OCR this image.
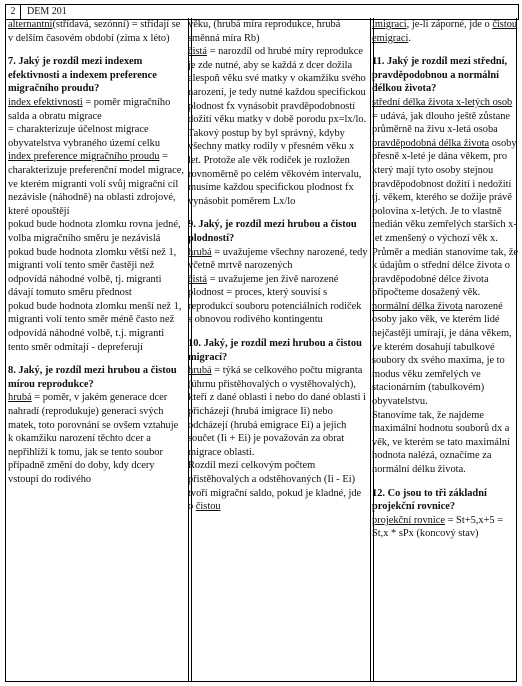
2 DEM 201

alternantní(střídavá, sezónní) = střídají se v delším časovém období (zima x léto)

7. Jaký je rozdíl mezi indexem efektivnosti a indexem preference migračního proudu?

index efektivnosti = poměr migračního salda a obratu migrace

= charakterizuje účelnost migrace obyvatelstva vybraného území celku

index preference migračního proudu = charakterizuje preferenční model migrace, ve kterém migranti volí svůj migrační cíl nezávisle (náhodně) na oblasti zdrojové, které opouštějí

pokud bude hodnota zlomku rovna jedné, volba migračního směru je nezávislá

pokud bude hodnota zlomku větší než 1, migranti volí tento směr častěji než odpovídá náhodné volbě, tj. migranti dávají tomuto směru přednost

pokud bude hodnota zlomku menší než 1, migranti volí tento směr méně často než odpovídá náhodné volbě, t.j. migranti tento směr odmítají - depreferují

8. Jaký, je rozdíl mezi hrubou a čistou mírou reprodukce?

hrubá = poměr, v jakém generace dcer nahradí (reprodukuje) generaci svých matek, toto porovnání se ovšem vztahuje k okamžiku narození těchto dcer a nepřihlíží k tomu, jak se tento soubor případně změní do doby, kdy dcery vstoupí do rodivého

věku, (hrubá míra reprodukce, hrubá směnná míra Rb)

čistá = narozdíl od hrubé míry reprodukce je zde nutné, aby se každá z dcer dožila alespoň věku své matky v okamžiku svého narození, je tedy nutné každou specifickou plodnost fx vynásobit pravděpodobností dožití věku matky v době porodu px=lx/lo. Takový postup by byl správný, kdyby všechny matky rodily v přesném věku x let. Protože ale věk rodiček je rozložen rovnoměrně po celém věkovém intervalu, musíme každou specifickou plodnost fx vynásobit poměrem Lx/lo

9. Jaký, je rozdíl mezi hrubou a čistou plodností?

hrubá = uvažujeme všechny narozené, tedy včetně mrtvě narozených

čistá = uvažujeme jen živě narozené

plodnost = proces, který souvisí s reprodukcí souboru potenciálních rodiček s obnovou rodivého kontingentu

10. Jaký, je rozdíl mezi hrubou a čistou migrací?

hrubá = týká se celkového počtu migranta (úhrnu přistěhovalých o vystěhovalých), kteří z dané oblasti i nebo do dané oblasti i přicházejí (hrubá imigrace Ii) nebo odcházejí (hrubá emigrace Ei) a jejich součet (Ii + Ei) je považován za obrat migrace oblasti.

Rozdíl mezi celkovým počtem přistěhovalých a odstěhovaných (Ii - Ei) tvoří migrační saldo, pokud je kladné, jde o čistou

imigraci, je-li záporné, jde o čistou emigraci.

11. Jaký je rozdíl mezi střední, pravděpodobnou a normální délkou života?

střední délka života x-letých osob = udává, jak dlouho ještě zůstane průměrně na živu x-letá osoba

pravděpodobná délka života osoby přesně x-leté je dána věkem, pro který mají tyto osoby stejnou pravděpodobnost dožití i nedožití tj. věkem, kterého se dožije právě polovina x-letých. Je to vlastně medián věku zemřelých starších x-let zmenšený o výchozí věk x. Průměr a medián stanovíme tak, že k údajům o střední délce života o pravděpodobné délce života připočteme dosažený věk.

normální délka života narozené osoby jako věk, ve kterém lidé nejčastěji umírají, je dána věkem, ve kterém dosahují tabulkové soubory dx svého maxima, je to modus věku zemřelých ve stacionárním (tabulkovém) obyvatelstvu.

Stanovíme tak, že najdeme maximální hodnotu souborů dx a věk, ve kterém se tato maximální hodnota nalézá, označíme za normální délku života.

12. Co jsou to tři základní projekční rovnice?

projekční rovnice = St+5,x+5 = St,x * sPx (koncový stav)
